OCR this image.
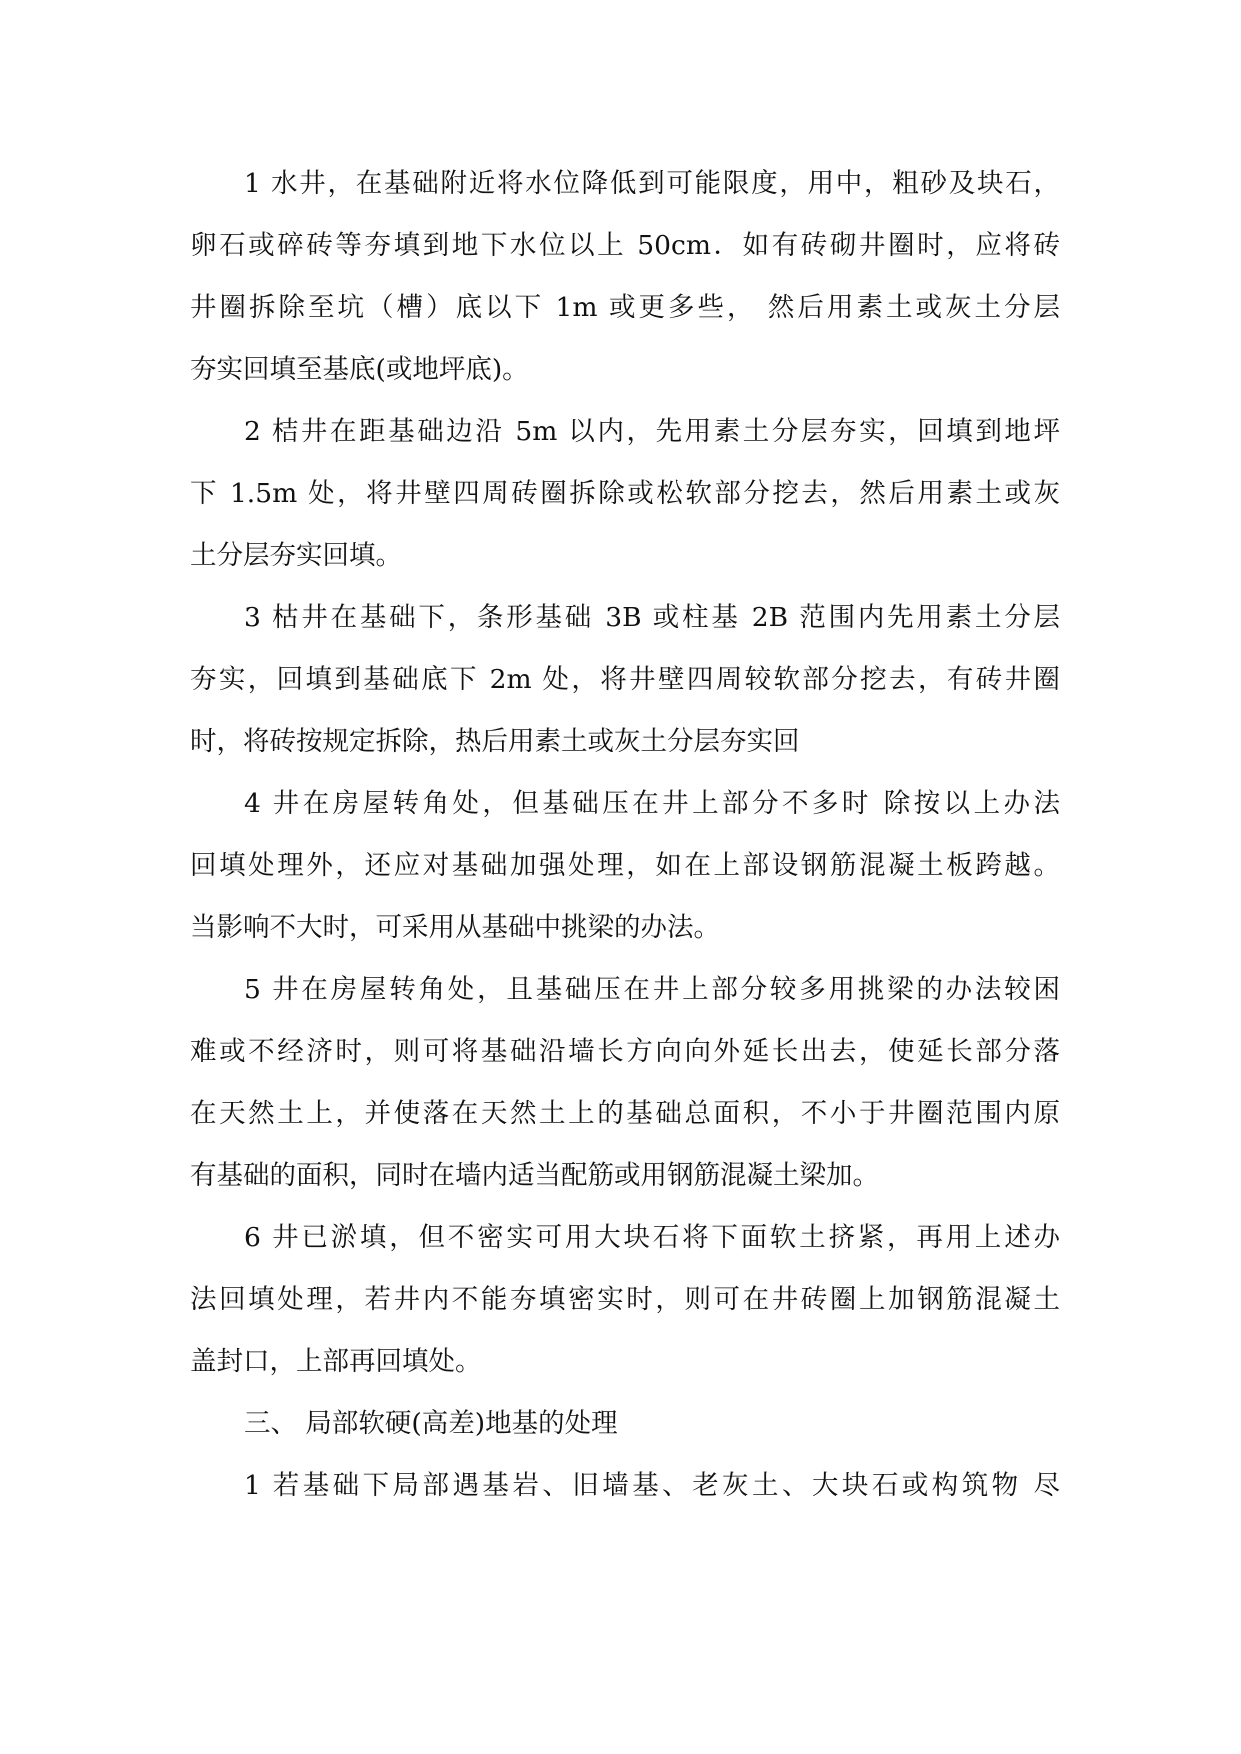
1 水井，在基础附近将水位降低到可能限度，用中，粗砂及块石，
卵石或碎砖等夯填到地下水位以上 50cm．如有砖砌井圈时，应将砖
井圈拆除至坑（槽）底以下 1m 或更多些， 然后用素土或灰土分层
夯实回填至基底(或地坪底)。
2 桔井在距基础边沿 5m 以内，先用素土分层夯实，回填到地坪
下 1.5m 处，将井壁四周砖圈拆除或松软部分挖去，然后用素土或灰
土分层夯实回填。
3 枯井在基础下，条形基础 3B 或柱基 2B 范围内先用素土分层
夯实，回填到基础底下 2m 处，将井壁四周较软部分挖去，有砖井圈
时，将砖按规定拆除，热后用素土或灰土分层夯实回
4 井在房屋转角处，但基础压在井上部分不多时 除按以上办法
回填处理外，还应对基础加强处理，如在上部设钢筋混凝土板跨越。
当影响不大时，可采用从基础中挑梁的办法。
5 井在房屋转角处，且基础压在井上部分较多用挑梁的办法较困
难或不经济时，则可将基础沿墙长方向向外延长出去，使延长部分落
在天然土上，并使落在天然土上的基础总面积，不小于井圈范围内原
有基础的面积，同时在墙内适当配筋或用钢筋混凝土梁加。
6 井已淤填，但不密实可用大块石将下面软土挤紧，再用上述办
法回填处理，若井内不能夯填密实时，则可在井砖圈上加钢筋混凝土
盖封口，上部再回填处。
三、 局部软硬(高差)地基的处理
1 若基础下局部遇基岩、旧墙基、老灰土、大块石或构筑物 尽
